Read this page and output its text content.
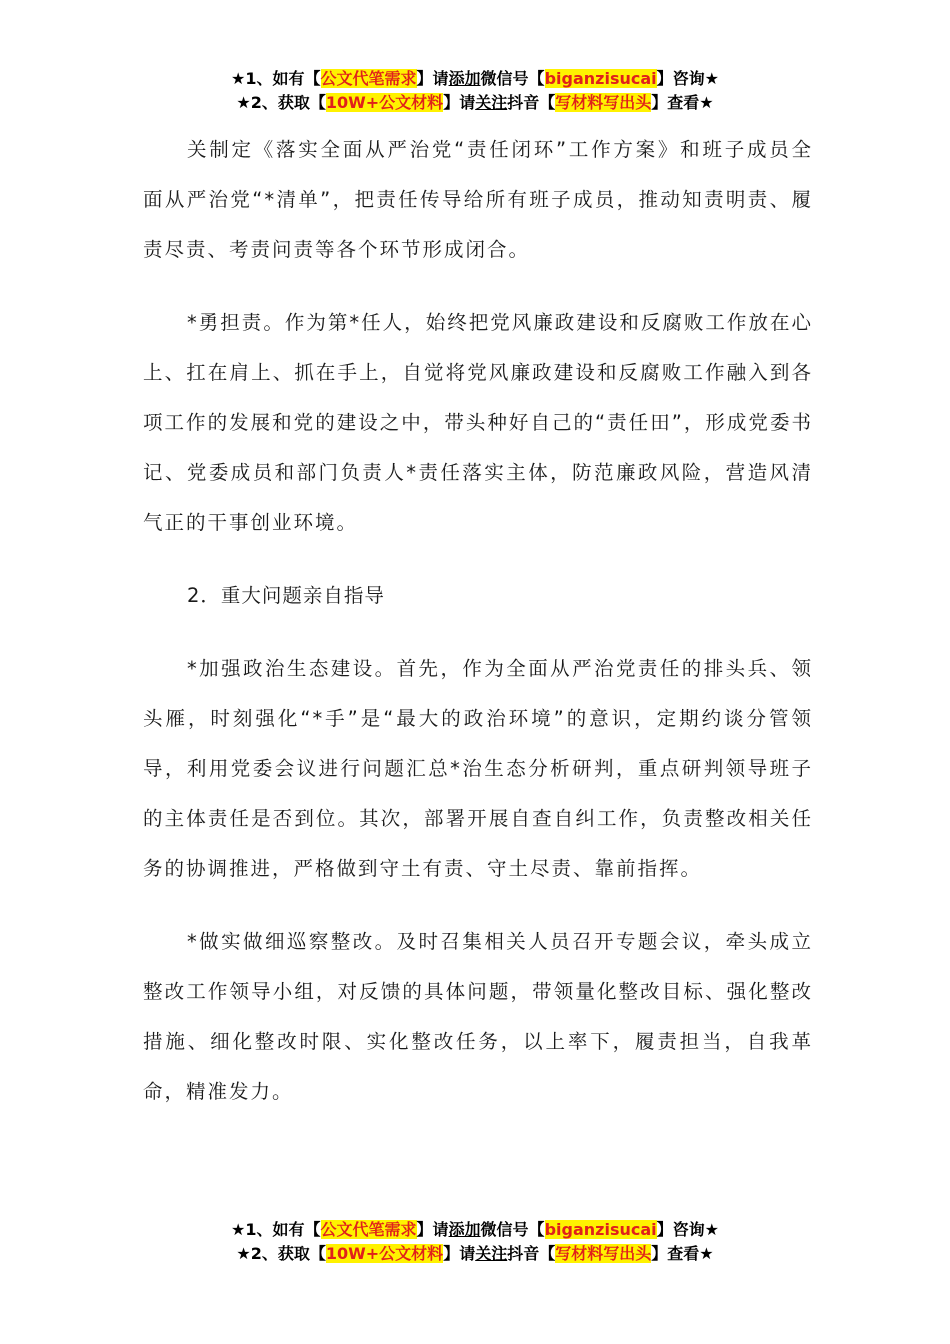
★1、如有【公文代笔需求】请添加微信号【biganzisucai】咨询★
★2、获取【10W+公文材料】请关注抖音【写材料写出头】查看★

关制定《落实全面从严治党“责任闭环”工作方案》和班子成员全面从严治党“*清单”，把责任传导给所有班子成员，推动知责明责、履责尽责、考责问责等各个环节形成闭合。

*勇担责。作为第*任人，始终把党风廉政建设和反腐败工作放在心上、扛在肩上、抓在手上，自觉将党风廉政建设和反腐败工作融入到各项工作的发展和党的建设之中，带头种好自己的“责任田”，形成党委书记、党委成员和部门负责人*责任落实主体，防范廉政风险，营造风清气正的干事创业环境。

2．重大问题亲自指导

*加强政治生态建设。首先，作为全面从严治党责任的排头兵、领头雁，时刻强化“*手”是“最大的政治环境”的意识，定期约谈分管领导，利用党委会议进行问题汇总*治生态分析研判，重点研判领导班子的主体责任是否到位。其次，部署开展自查自纠工作，负责整改相关任务的协调推进，严格做到守土有责、守土尽责、靠前指挥。

*做实做细巡察整改。及时召集相关人员召开专题会议，牵头成立整改工作领导小组，对反馈的具体问题，带领量化整改目标、强化整改措施、细化整改时限、实化整改任务，以上率下，履责担当，自我革命，精准发力。

★1、如有【公文代笔需求】请添加微信号【biganzisucai】咨询★
★2、获取【10W+公文材料】请关注抖音【写材料写出头】查看★
